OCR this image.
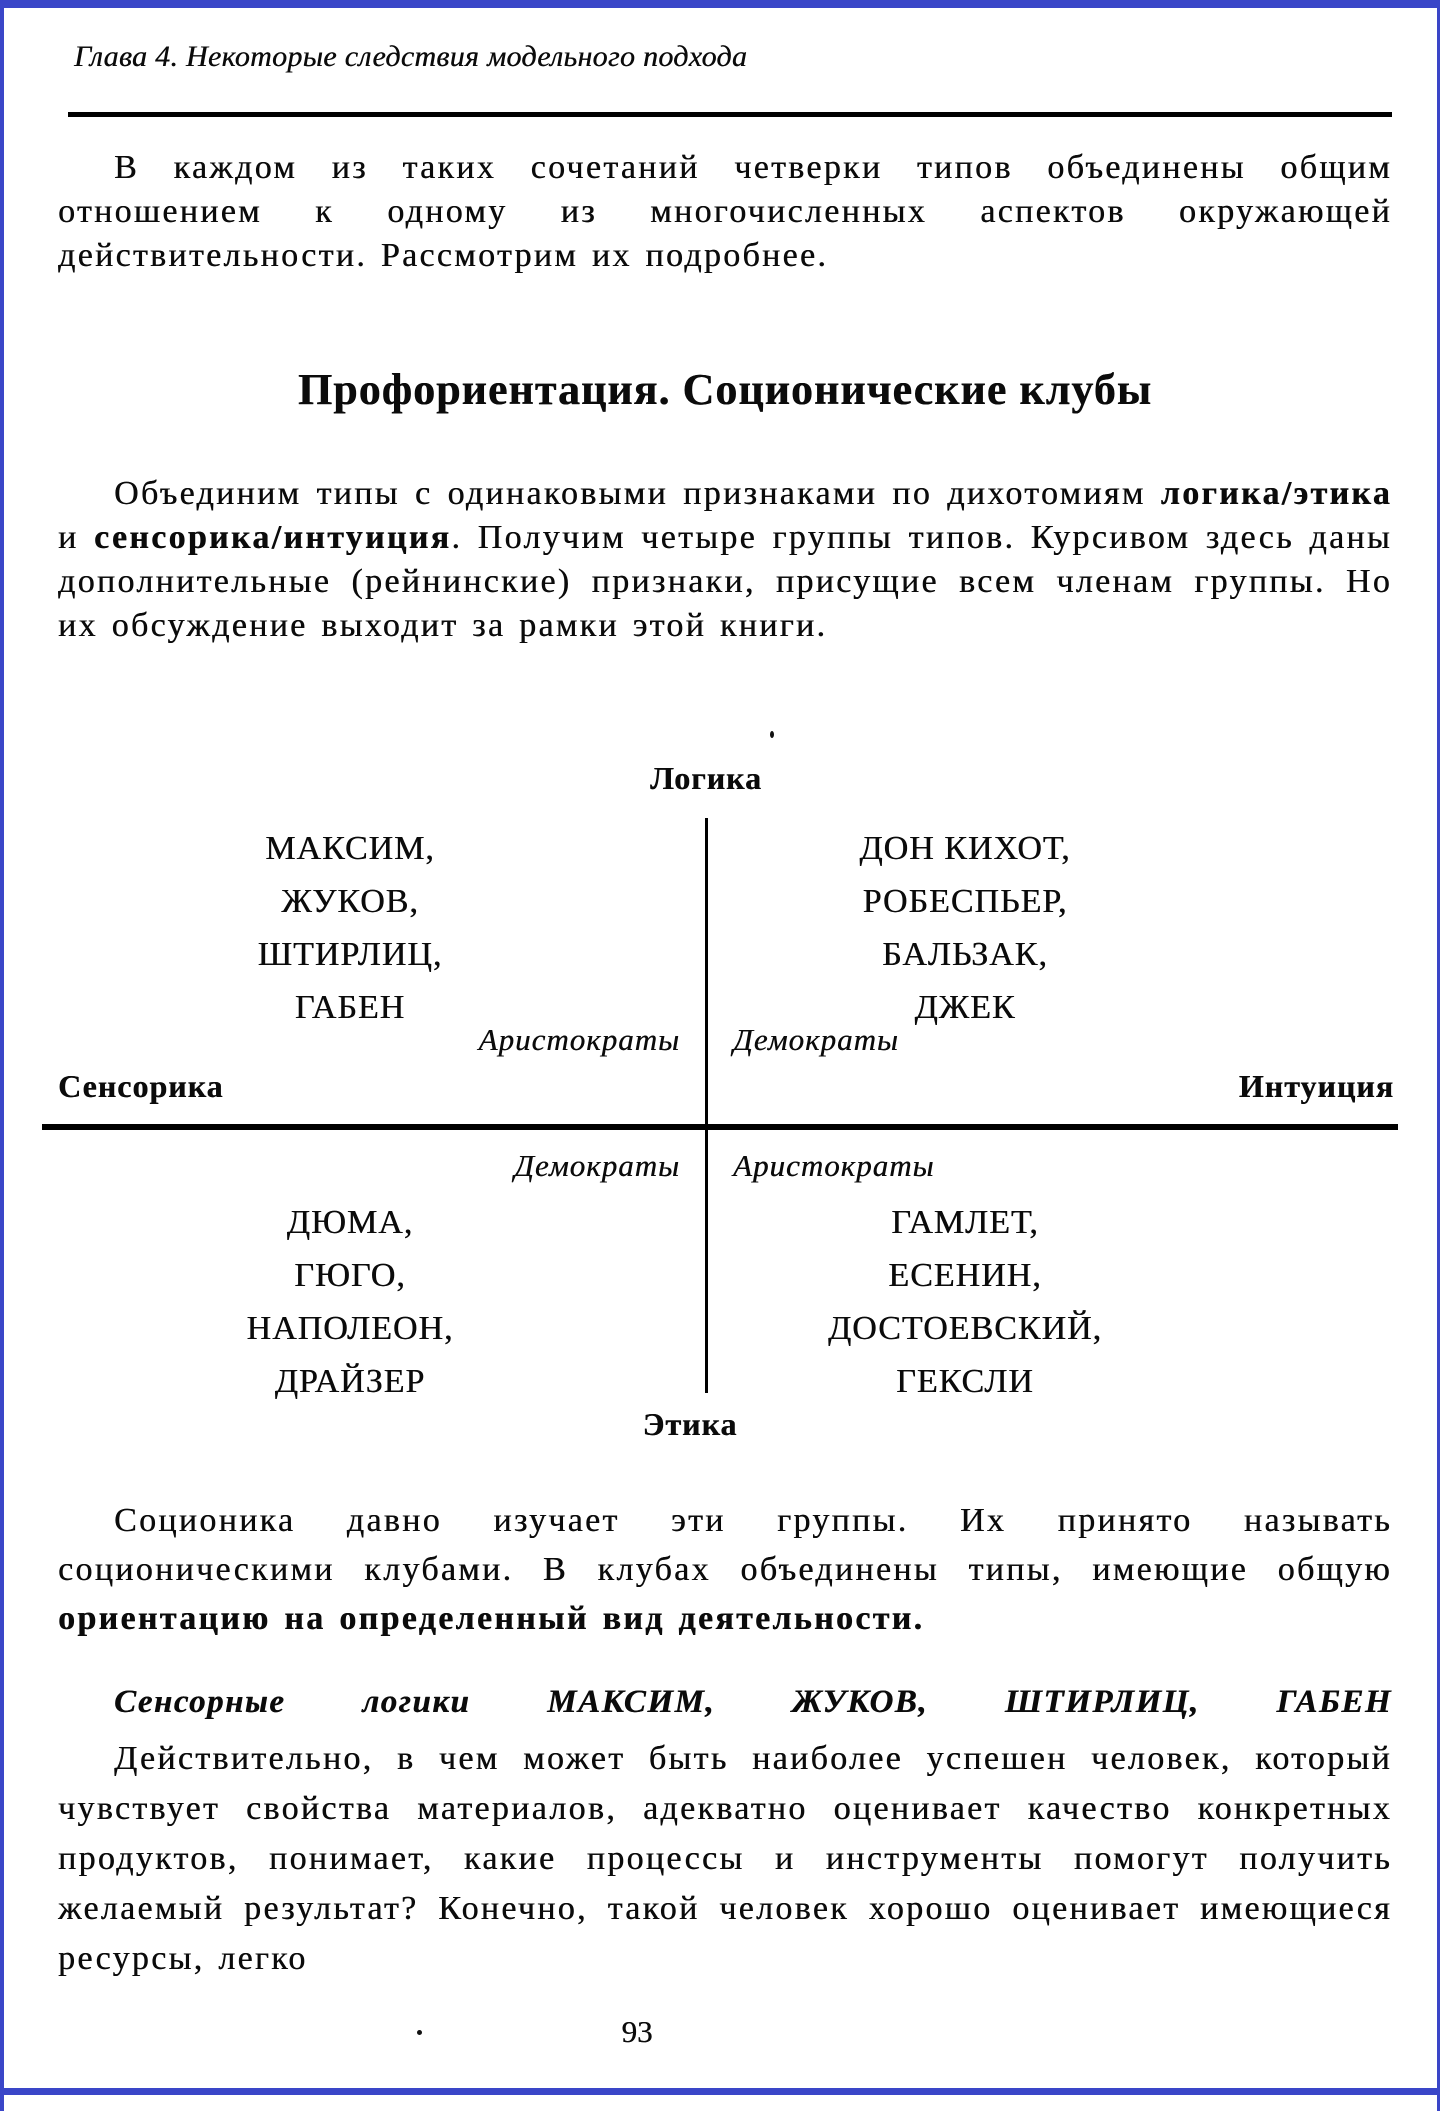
Глава 4. Некоторые следствия модельного подхода
В каждом из таких сочетаний четверки типов объединены общим отношением к одному из многочисленных аспектов окружающей действительности. Рассмотрим их подробнее.
Профориентация. Соционические клубы
Объединим типы с одинаковыми признаками по дихотомиям логика/этика и сенсорика/интуиция. Получим четыре группы типов. Курсивом здесь даны дополнительные (рейнинские) признаки, присущие всем членам группы. Но их обсуждение выходит за рамки этой книги.
Логика
МАКСИМ,
ЖУКОВ,
ШТИРЛИЦ,
ГАБЕН
ДОН КИХОТ,
РОБЕСПЬЕР,
БАЛЬЗАК,
ДЖЕК
Аристократы Демократы
Сенсорика	Интуиция
Демократы Аристократы
ДЮМА,
ГЮГО,
НАПОЛЕОН,
ДРАЙЗЕР
ГАМЛЕТ,
ЕСЕНИН,
ДОСТОЕВСКИЙ,
ГЕКСЛИ
Этика
Соционика давно изучает эти группы. Их принято называть соционическими клубами. В клубах объединены типы, имеющие общую ориентацию на определенный вид деятельности.
Сенсорные логики МАКСИМ, ЖУКОВ, ШТИРЛИЦ, ГАБЕН
Действительно, в чем может быть наиболее успешен человек, который чувствует свойства материалов, адекватно оценивает качество конкретных продуктов, понимает, какие процессы и инструменты помогут получить желаемый результат? Конечно, такой человек хорошо оценивает имеющиеся ресурсы, легко
93
